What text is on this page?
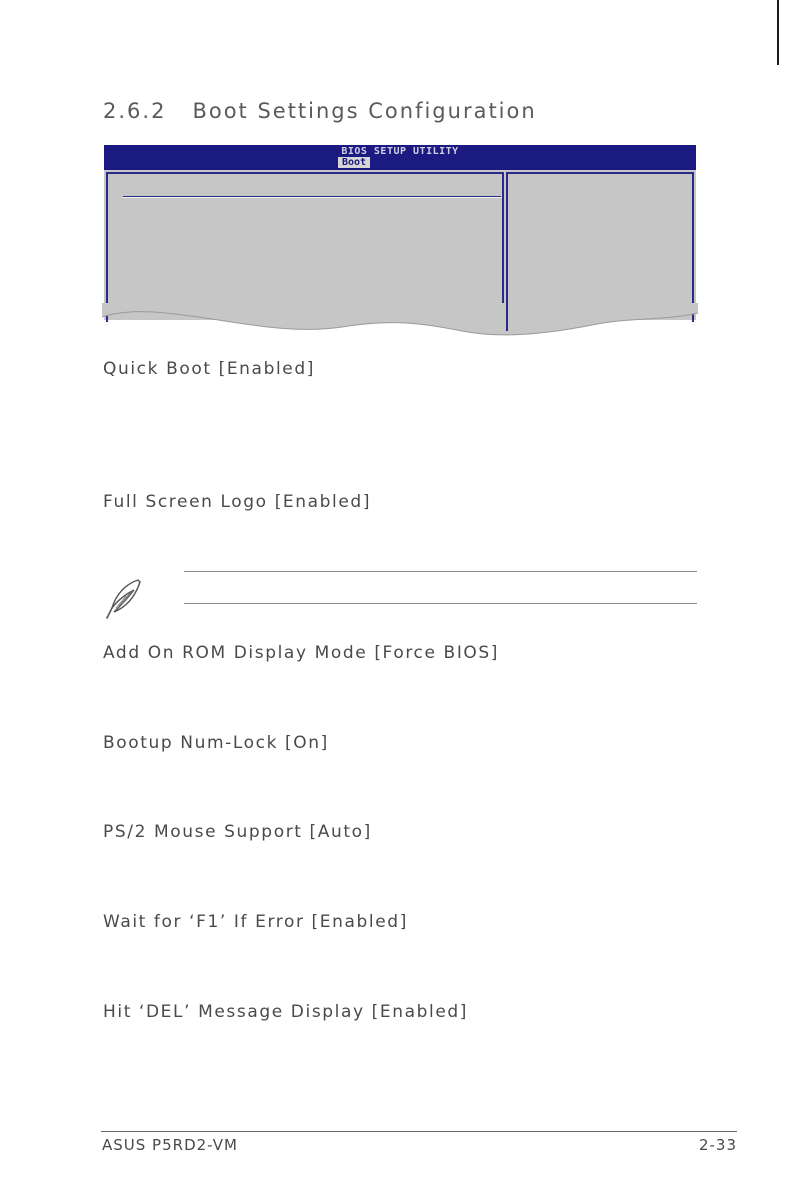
2.6.2 Boot Settings Configuration
BIOS SETUP UTILITY
Boot
Quick Boot [Enabled]
Full Screen Logo [Enabled]
Add On ROM Display Mode [Force BIOS]
Bootup Num-Lock [On]
PS/2 Mouse Support [Auto]
Wait for ‘F1’ If Error [Enabled]
Hit ‘DEL’ Message Display [Enabled]
ASUS P5RD2-VM	2-33
